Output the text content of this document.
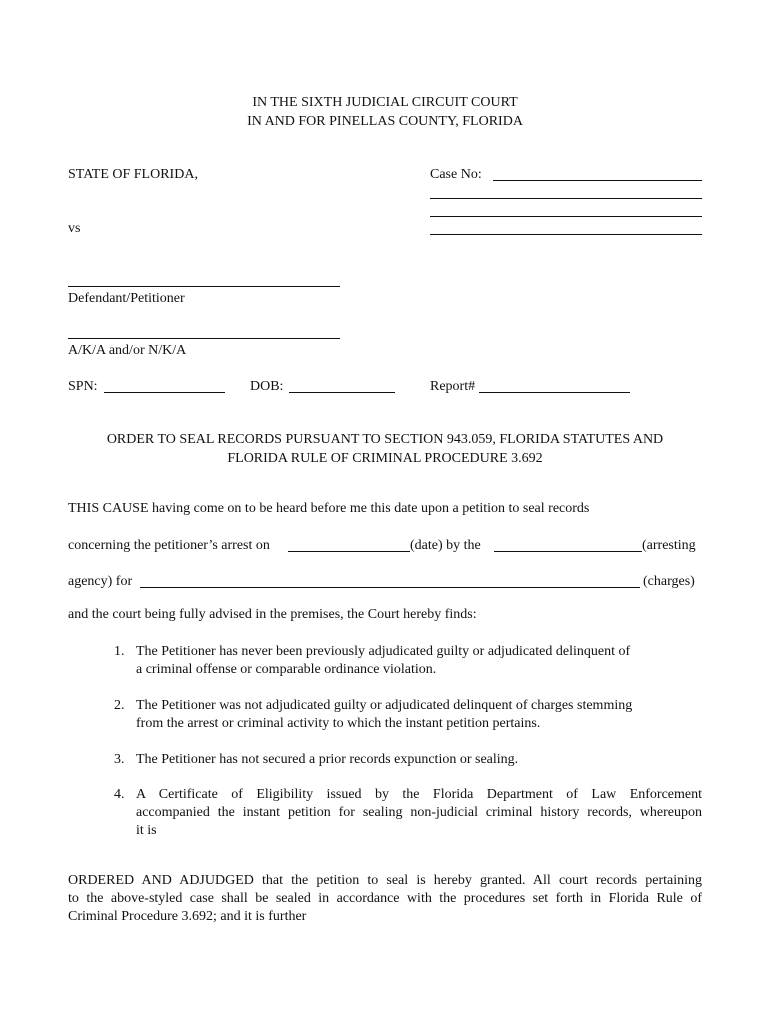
IN THE SIXTH JUDICIAL CIRCUIT COURT
IN AND FOR PINELLAS COUNTY, FLORIDA
STATE OF FLORIDA,
vs
Case No:
Defendant/Petitioner
A/K/A and/or N/K/A
SPN:	DOB:	Report#
ORDER TO SEAL RECORDS PURSUANT TO SECTION 943.059, FLORIDA STATUTES AND
FLORIDA RULE OF CRIMINAL PROCEDURE 3.692
THIS CAUSE having come on to be heard before me this date upon a petition to seal records
concerning the petitioner’s arrest on	(date) by the	(arresting
agency) for	(charges)
and the court being fully advised in the premises, the Court hereby finds:
1. The Petitioner has never been previously adjudicated guilty or adjudicated delinquent of
a criminal offense or comparable ordinance violation.
2. The Petitioner was not adjudicated guilty or adjudicated delinquent of charges stemming
from the arrest or criminal activity to which the instant petition pertains.
3. The Petitioner has not secured a prior records expunction or sealing.
4. A Certificate of Eligibility issued by the Florida Department of Law Enforcement
accompanied the instant petition for sealing non-judicial criminal history records, whereupon
it is
ORDERED AND ADJUDGED that the petition to seal is hereby granted. All court records pertaining
to the above-styled case shall be sealed in accordance with the procedures set forth in Florida Rule of
Criminal Procedure 3.692; and it is further
